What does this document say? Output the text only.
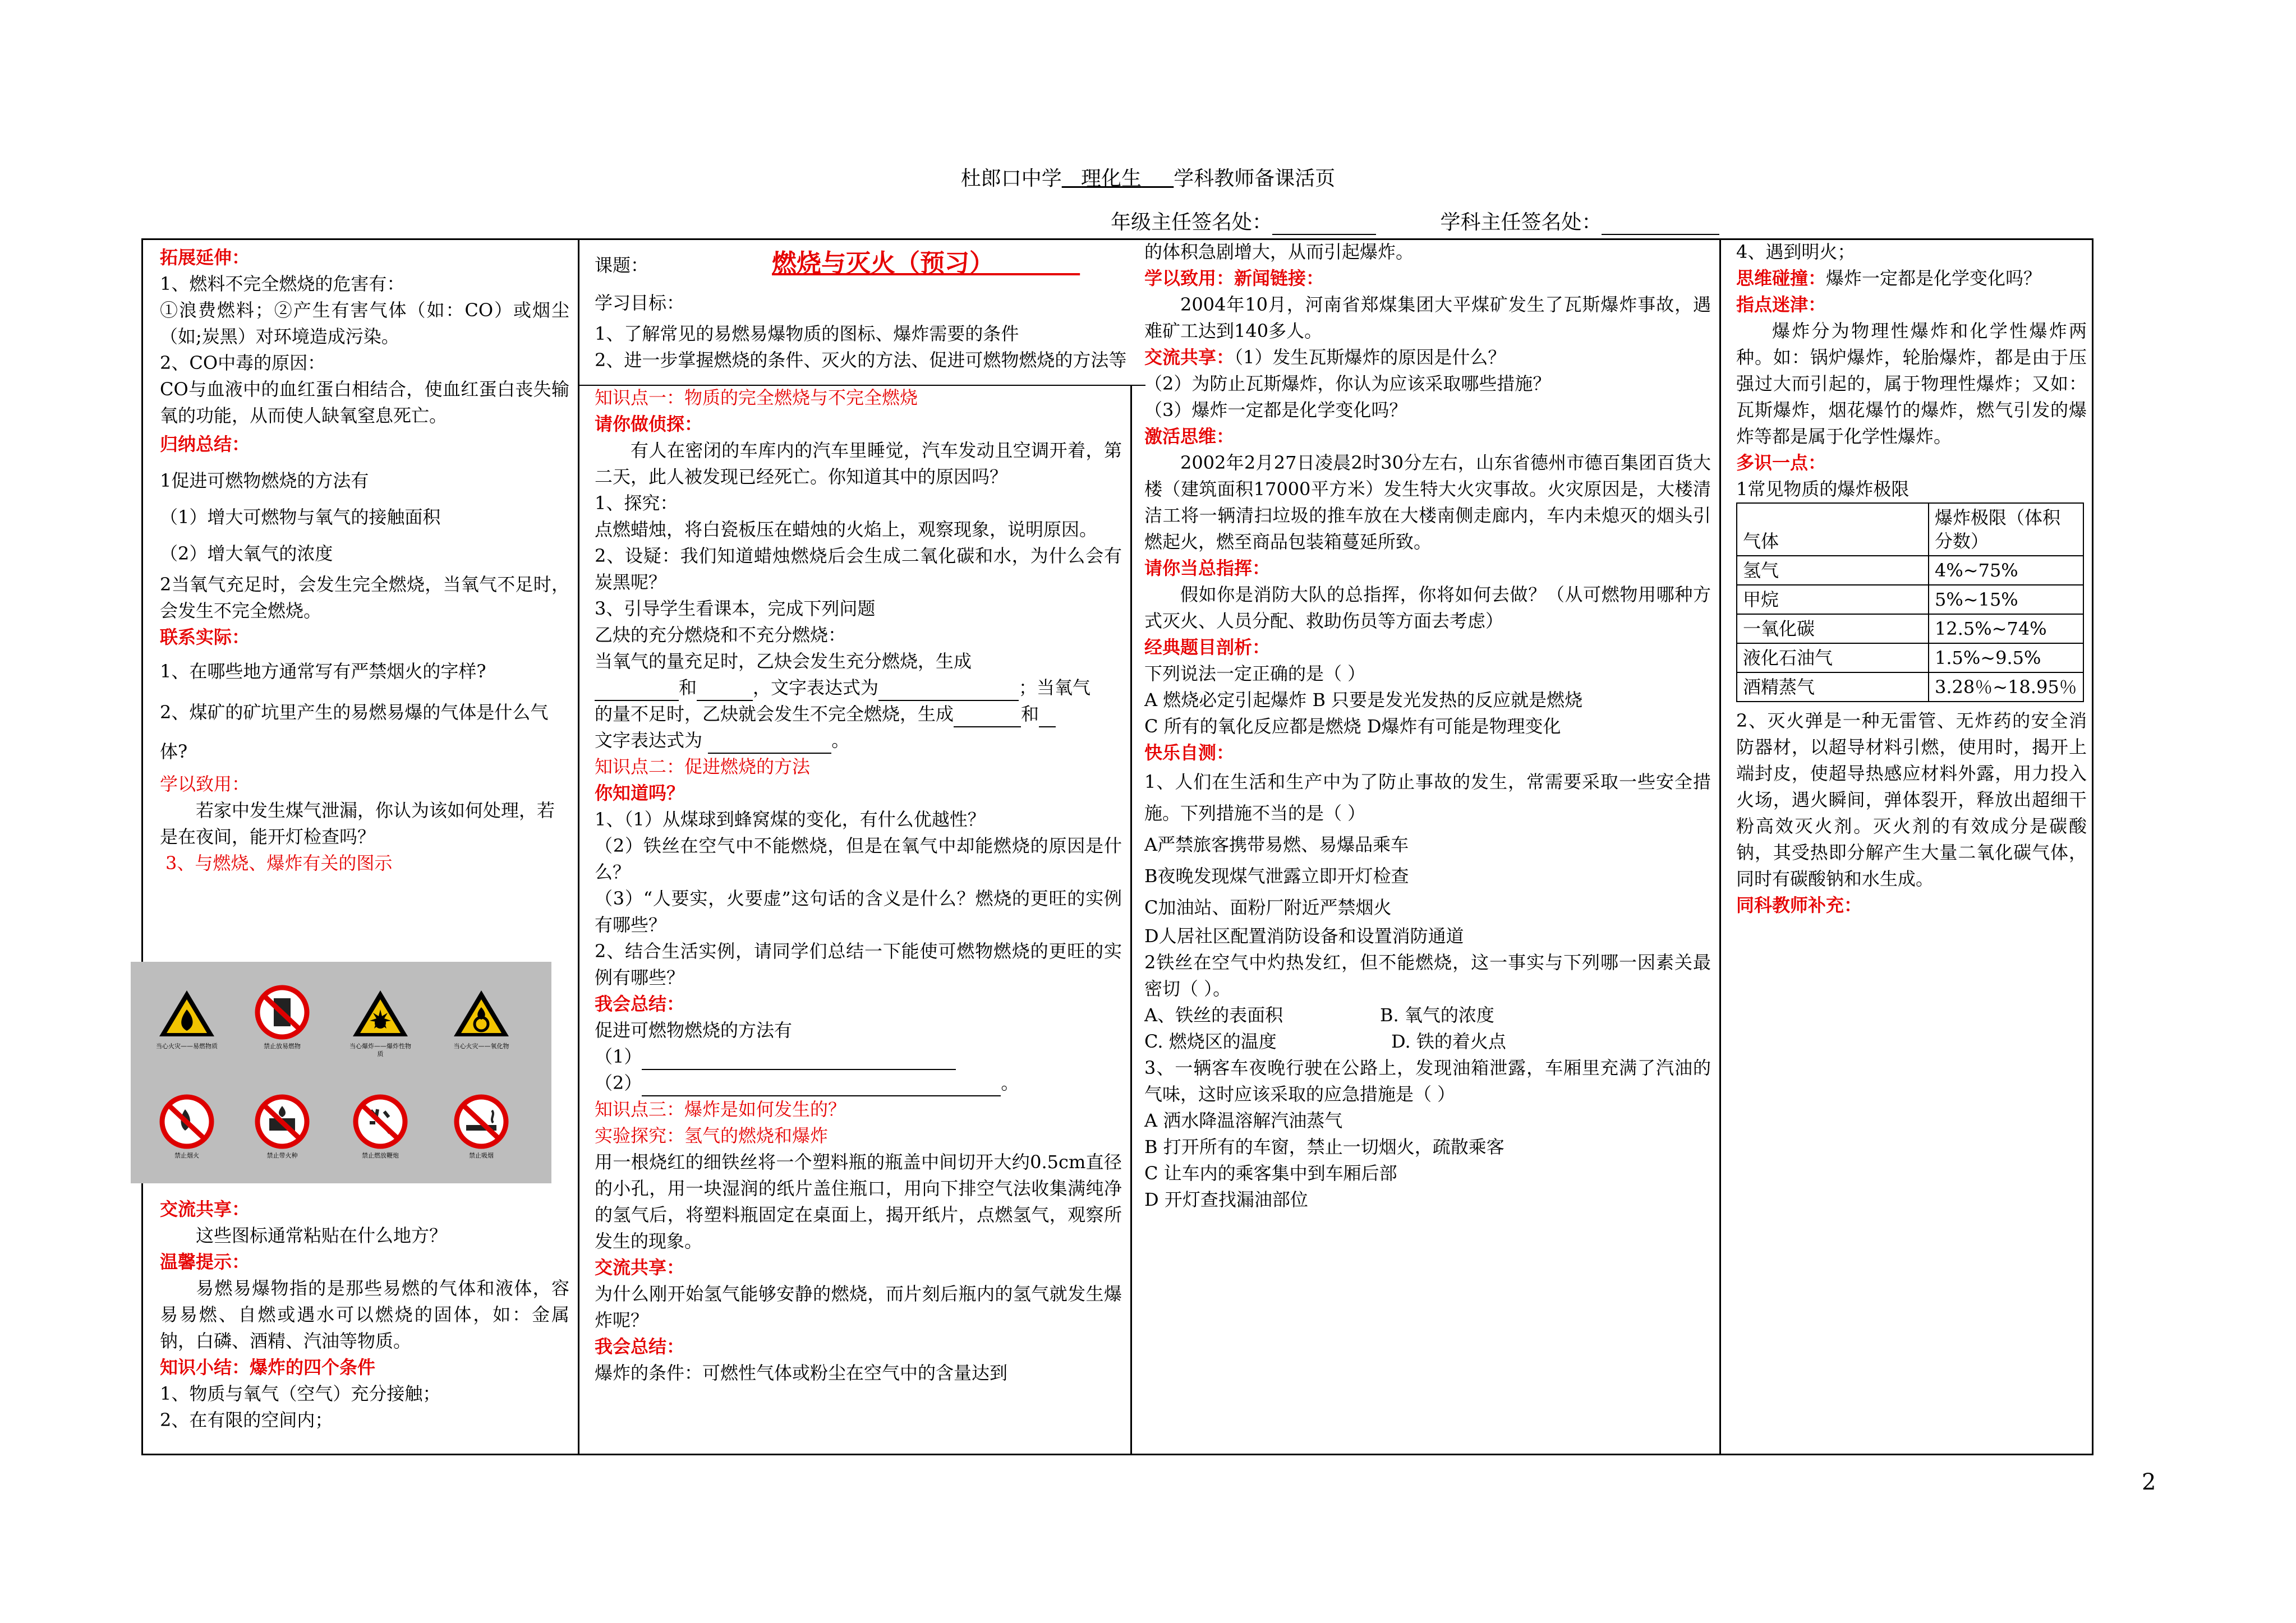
杜郎口中学 理化生 学科教师备课活页
年级主任签名处：	学科主任签名处：

拓展延伸：

1、燃料不完全燃烧的危害有：

①浪费燃料；②产生有害气体（如：CO）或烟尘（如;炭黑）对环境造成污染。

2、CO中毒的原因：

CO与血液中的血红蛋白相结合，使血红蛋白丧失输氧的功能，从而使人缺氧窒息死亡。

归纳总结：

1促进可燃物燃烧的方法有

（1）增大可燃物与氧气的接触面积

（2）增大氧气的浓度

2当氧气充足时，会发生完全燃烧，当氧气不足时，会发生不完全燃烧。

联系实际：

1、在哪些地方通常写有严禁烟火的字样?

2、煤矿的矿坑里产生的易燃易爆的气体是什么气体?

学以致用：

若家中发生煤气泄漏，你认为该如何处理，若是在夜间，能开灯检查吗？

3、与燃烧、爆炸有关的图示

当心火灾——易燃物质	禁止放易燃物	当心爆炸——爆炸性物质
当心火灾——氧化物
禁止烟火	禁止带火种	禁止燃放鞭炮	禁止吸烟

交流共享：

这些图标通常粘贴在什么地方？

温馨提示：

易燃易爆物指的是那些易燃的气体和液体，容易易燃、自燃或遇水可以燃烧的固体，如：金属钠，白磷、酒精、汽油等物质。

知识小结：爆炸的四个条件

1、物质与氧气（空气）充分接触；

2、在有限的空间内；

课题：	燃烧与灭火（预习）

学习目标：

1、了解常见的易燃易爆物质的图标、爆炸需要的条件

2、进一步掌握燃烧的条件、灭火的方法、促进可燃物燃烧的方法等

知识点一：物质的完全燃烧与不完全燃烧

请你做侦探：

有人在密闭的车库内的汽车里睡觉，汽车发动且空调开着，第二天，此人被发现已经死亡。你知道其中的原因吗？

1、探究：

点燃蜡烛，将白瓷板压在蜡烛的火焰上，观察现象，说明原因。

2、设疑：我们知道蜡烛燃烧后会生成二氧化碳和水，为什么会有炭黑呢？

3、引导学生看课本，完成下列问题

乙炔的充分燃烧和不充分燃烧：

当氧气的量充足时，乙炔会发生充分燃烧，生成

和	，文字表达式为	；当氧气

的量不足时，乙炔就会发生不完全燃烧，生成	和

文字表达式为	。

知识点二：促进燃烧的方法

你知道吗？

1、（1）从煤球到蜂窝煤的变化，有什么优越性？

（2）铁丝在空气中不能燃烧，但是在氧气中却能燃烧的原因是什么？

（3）“人要实，火要虚”这句话的含义是什么？燃烧的更旺的实例有哪些？

2、结合生活实例，请同学们总结一下能使可燃物燃烧的更旺的实例有哪些？

我会总结：

促进可燃物燃烧的方法有

（1）

（2）	。

知识点三：爆炸是如何发生的？

实验探究：氢气的燃烧和爆炸

用一根烧红的细铁丝将一个塑料瓶的瓶盖中间切开大约0.5cm直径的小孔，用一块湿润的纸片盖住瓶口，用向下排空气法收集满纯净的氢气后，将塑料瓶固定在桌面上，揭开纸片，点燃氢气，观察所发生的现象。

交流共享：

为什么刚开始氢气能够安静的燃烧，而片刻后瓶内的氢气就发生爆炸呢？

我会总结：

爆炸的条件：可燃性气体或粉尘在空气中的含量达到

的体积急剧增大，从而引起爆炸。

学以致用：新闻链接：

2004年10月，河南省郑煤集团大平煤矿发生了瓦斯爆炸事故，遇难矿工达到140多人。

交流共享：（1）发生瓦斯爆炸的原因是什么？

（2）为防止瓦斯爆炸，你认为应该采取哪些措施？

（3）爆炸一定都是化学变化吗？

激活思维：

2002年2月27日凌晨2时30分左右，山东省德州市德百集团百货大楼（建筑面积17000平方米）发生特大火灾事故。火灾原因是，大楼清洁工将一辆清扫垃圾的推车放在大楼南侧走廊内，车内未熄灭的烟头引燃起火，燃至商品包装箱蔓延所致。

请你当总指挥：

假如你是消防大队的总指挥，你将如何去做？（从可燃物用哪种方式灭火、人员分配、救助伤员等方面去考虑）

经典题目剖析：

下列说法一定正确的是（ ）

A 燃烧必定引起爆炸 B 只要是发光发热的反应就是燃烧

C 所有的氧化反应都是燃烧 D爆炸有可能是物理变化

快乐自测：

1、人们在生活和生产中为了防止事故的发生，常需要采取一些安全措施。下列措施不当的是（ ）

A严禁旅客携带易燃、易爆品乘车

B夜晚发现煤气泄露立即开灯检查

C加油站、面粉厂附近严禁烟火

D人居社区配置消防设备和设置消防通道

2铁丝在空气中灼热发红，但不能燃烧，这一事实与下列哪一因素关最密切（ ）。

A、铁丝的表面积	B. 氧气的浓度

C. 燃烧区的温度	D. 铁的着火点

3、一辆客车夜晚行驶在公路上，发现油箱泄露，车厢里充满了汽油的气味，这时应该采取的应急措施是（ ）

A 洒水降温溶解汽油蒸气

B 打开所有的车窗，禁止一切烟火，疏散乘客

C 让车内的乘客集中到车厢后部

D 开灯查找漏油部位

4、遇到明火；

思维碰撞：爆炸一定都是化学变化吗？

指点迷津：

爆炸分为物理性爆炸和化学性爆炸两种。如：锅炉爆炸，轮胎爆炸，都是由于压强过大而引起的，属于物理性爆炸；又如：瓦斯爆炸，烟花爆竹的爆炸，燃气引发的爆炸等都是属于化学性爆炸。

多识一点：

1常见物质的爆炸极限

气体	爆炸极限（体积分数）
氢气	4%~75%
甲烷	5%~15%
一氧化碳	12.5%~74%
液化石油气	1.5%~9.5%
酒精蒸气	3.28％~18.95％

2、灭火弹是一种无雷管、无炸药的安全消防器材，以超导材料引燃，使用时，揭开上端封皮，使超导热感应材料外露，用力投入火场，遇火瞬间，弹体裂开，释放出超细干粉高效灭火剂。灭火剂的有效成分是碳酸钠，其受热即分解产生大量二氧化碳气体，同时有碳酸钠和水生成。

同科教师补充：

2
